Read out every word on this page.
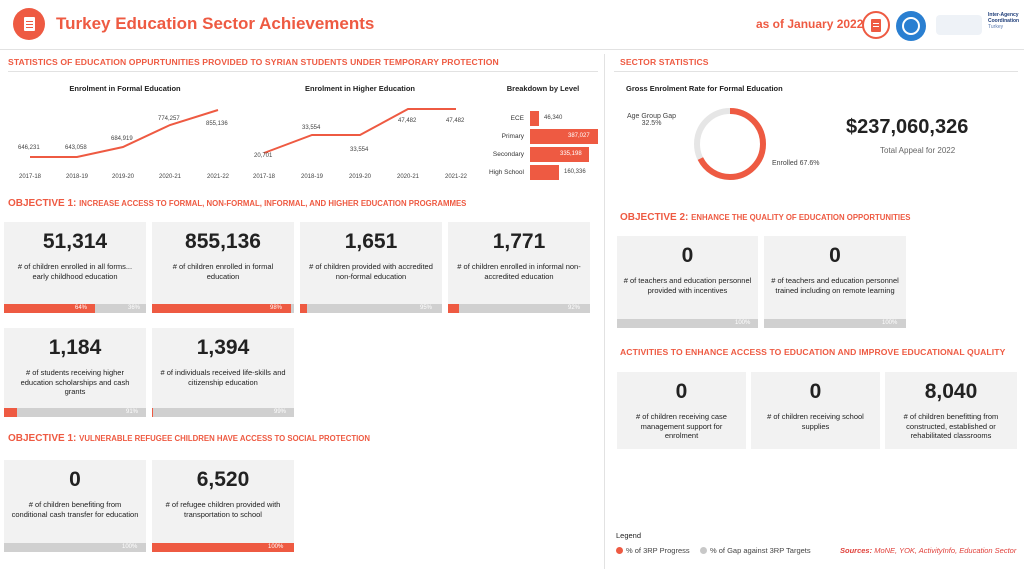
Turkey Education Sector Achievements	as of January 2022
Inter-Agency Coordination
Turkey
STATISTICS OF EDUCATION OPPURTUNITIES PROVIDED TO SYRIAN STUDENTS UNDER TEMPORARY PROTECTION
Enrolment in Formal Education
646,231	643,058
684,919
774,257
855,136
2017-18	2018-19	2019-20	2020-21	2021-22
Enrolment in Higher Education
20,701
33,554
33,554
47,482	47,482
2017-18	2018-19	2019-20	2020-21	2021-22
Breakdown by Level
ECE	46,340
Primary	387,027
Secondary	335,198
High School	160,336
OBJECTIVE 1: INCREASE ACCESS TO FORMAL, NON-FORMAL, INFORMAL, AND HIGHER EDUCATION PROGRAMMES
51,314
# of children enrolled in all forms... early childhood education
64%	36%
855,136
# of children enrolled in formal education
98%
1,651
# of children provided with accredited non-formal education
95%
1,771
# of children enrolled in informal non-accredited education
92%
1,184
# of students receiving higher education scholarships and cash grants
91%
1,394
# of individuals received life-skills and citizenship education
99%
OBJECTIVE 1: VULNERABLE REFUGEE CHILDREN HAVE ACCESS TO SOCIAL PROTECTION
0
# of children benefiting from conditional cash transfer for education
100%
6,520
# of refugee children provided with transportation to school
100%
SECTOR STATISTICS
Gross Enrolment Rate for Formal Education
Age Group Gap
32.5%
Enrolled 67.6%
$237,060,326
Total Appeal for 2022
OBJECTIVE 2: ENHANCE THE QUALITY OF EDUCATION OPPORTUNITIES
0
# of teachers and education personnel provided with incentives
100%
0
# of teachers and education personnel trained including on remote learning
100%
ACTIVITIES TO ENHANCE ACCESS TO EDUCATION AND IMPROVE EDUCATIONAL QUALITY
0
# of children receiving case management support for enrolment
0
# of children receiving school supplies
8,040
# of children benefitting from constructed, established or rehabilitated classrooms
Legend
% of 3RP Progress	% of Gap against 3RP Targets	Sources: MoNE, YOK, ActivityInfo, Education Sector
